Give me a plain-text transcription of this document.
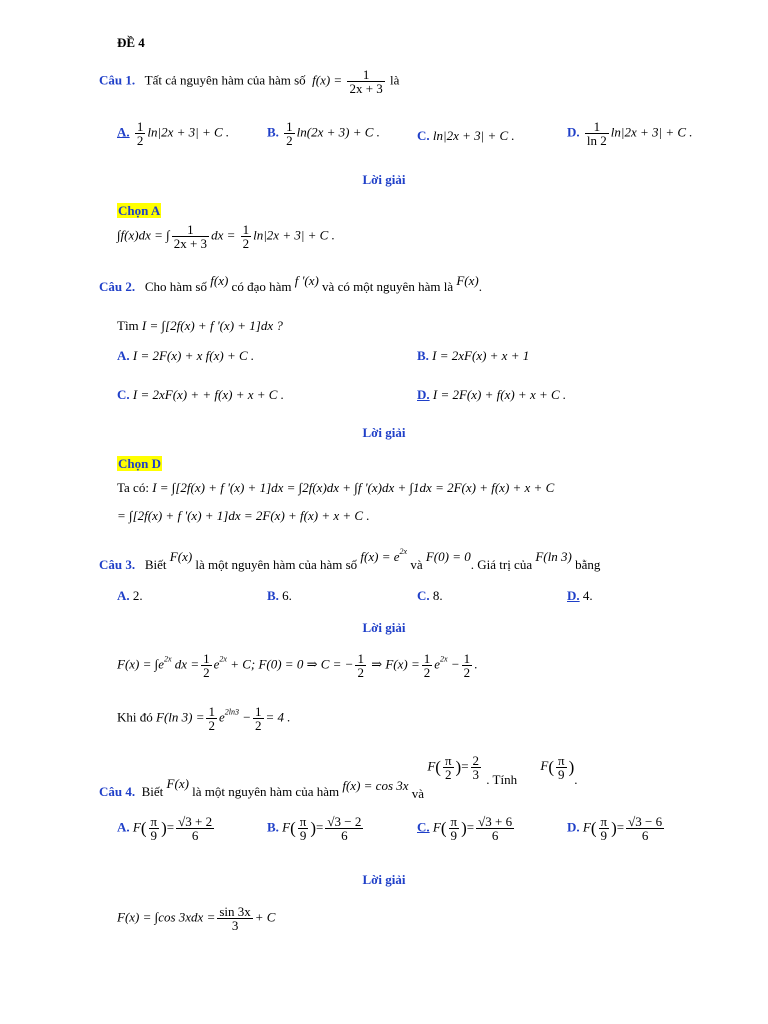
ĐỀ 4
Câu 1. Tất cả nguyên hàm của hàm số $f(x) = \frac{1}{2x + 3}$ là
A. $\frac{1}{2} \ln|2x + 3| + C$ .	B. $\frac{1}{2} \ln(2x + 3) + C$ .	C. ln|2x + 3| + C .	D. $\frac{1}{\ln 2} \ln|2x + 3| + C$ .
Lời giải
Chọn A
∫f(x)dx = ∫ $\frac{1}{2x + 3}$ dx = $\frac{1}{2} \ln|2x + 3| + C$ .
Câu 2. Cho hàm số f(x) có đạo hàm f '(x) và có một nguyên hàm là F(x).
Tìm I = ∫[2f(x) + f '(x) + 1]dx ?
A. I = 2F(x) + x f(x) + C .	B. I = 2xF(x) + x + 1
C. I = 2xF(x) + + f(x) + x + C .	D. I = 2F(x) + f(x) + x + C .
Lời giải
Chọn D
Ta có: I = ∫[2f(x) + f '(x) + 1]dx = ∫2f(x)dx + ∫f '(x)dx + ∫1dx = 2F(x) + f(x) + x + C
= ∫[2f(x) + f '(x) + 1]dx = 2F(x) + f(x) + x + C .
Câu 3. Biết F(x) là một nguyên hàm của hàm số $f(x) = e^{2x}$ và F(0) = 0. Giá trị của F(ln 3) bằng
A. 2.	B. 6.	C. 8.	D. 4.
Lời giải
$F(x) = \int e^{2x}$ dx = $\frac{1}{2} e^{2x} + C$; F(0) = 0 ⇒ C = − $\frac{1}{2}$ ⇒ $F(x) = \frac{1}{2} e^{2x} - \frac{1}{2}$ .
Khi đó F(ln $3) = \frac{1}{2} e^{2ln3} - \frac{1}{2} = 4$ .
Câu 4. Biết F(x) là một nguyên hàm của hàm f(x) = cos 3x và $F( \frac{\pi}{2}$ )= $\frac{2}{3}$ . Tính $F( \frac{\pi}{9}$ ).
A. $F( \frac{\pi}{9}$ )= $\frac{√3 + 2}{6}$	B. $F( \frac{\pi}{9}$ )= $\frac{√3 - 2}{6}$	C. $F( \frac{\pi}{9}$ )= $\frac{√3 + 6}{6}$	D. $F( \frac{\pi}{9}$ )= $\frac{√3 - 6}{6}$
Lời giải
F(x) = ∫cos $3xdx = \frac{\sin 3x}{3} + C$
